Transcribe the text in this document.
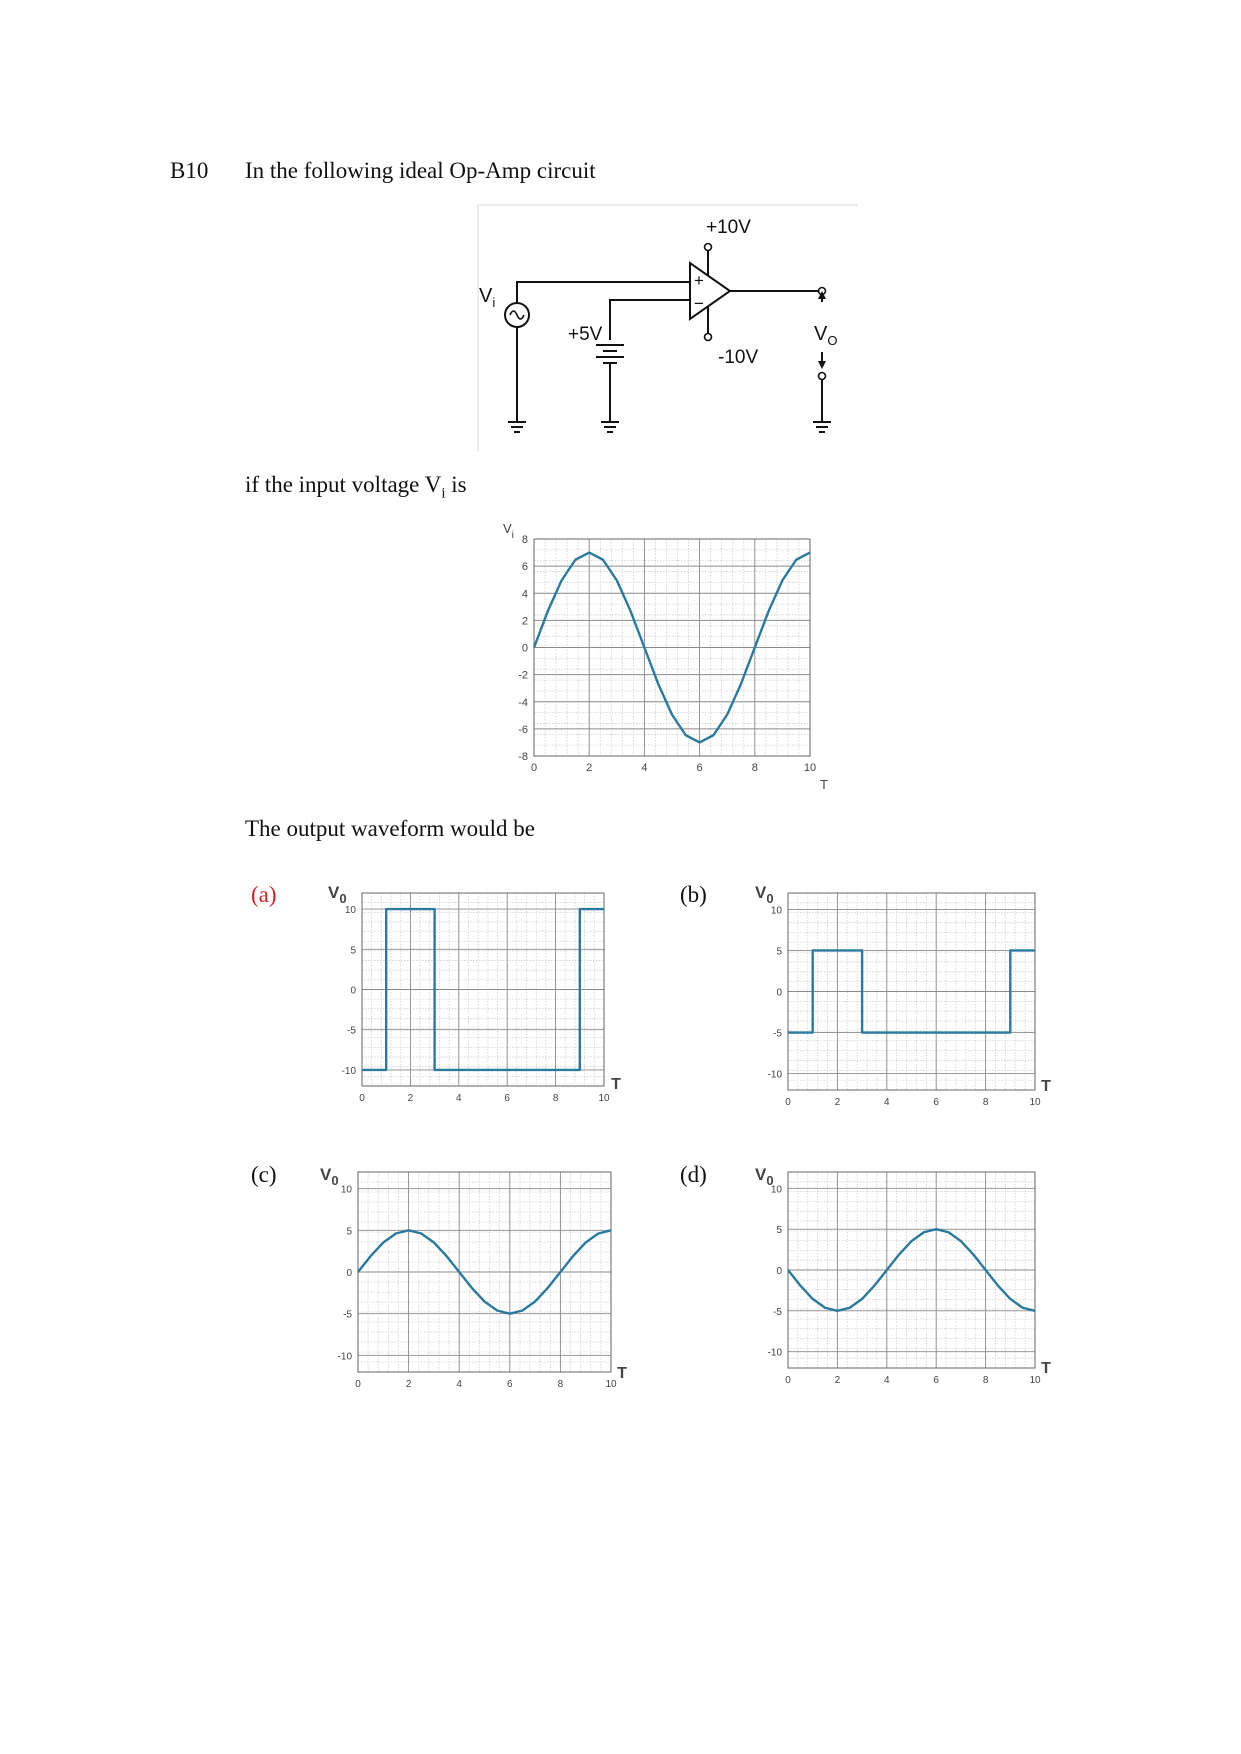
B10 In the following ideal Op-Amp circuit
+
−
+10V
-10V
+5V
$V_i$
$V_O$
if the input voltage $V_i$ is
0	2	4	6	8	10
8
6
4
2
0
-2
-4
-6
-8
$V_i$
T
The output waveform would be
(a)	(b)
(c)	(d)
0	2	4	6	8	10
10
5
0
-5
-10
$V_0$
T
0	2	4	6	8	10
10
5
0
-5
-10
$V_0$
T
0	2	4	6	8	10
10
5
0
-5
-10
$V_0$
T	0	2	4	6	8	10
10
5
0
-5
-10
$V_0$
T
